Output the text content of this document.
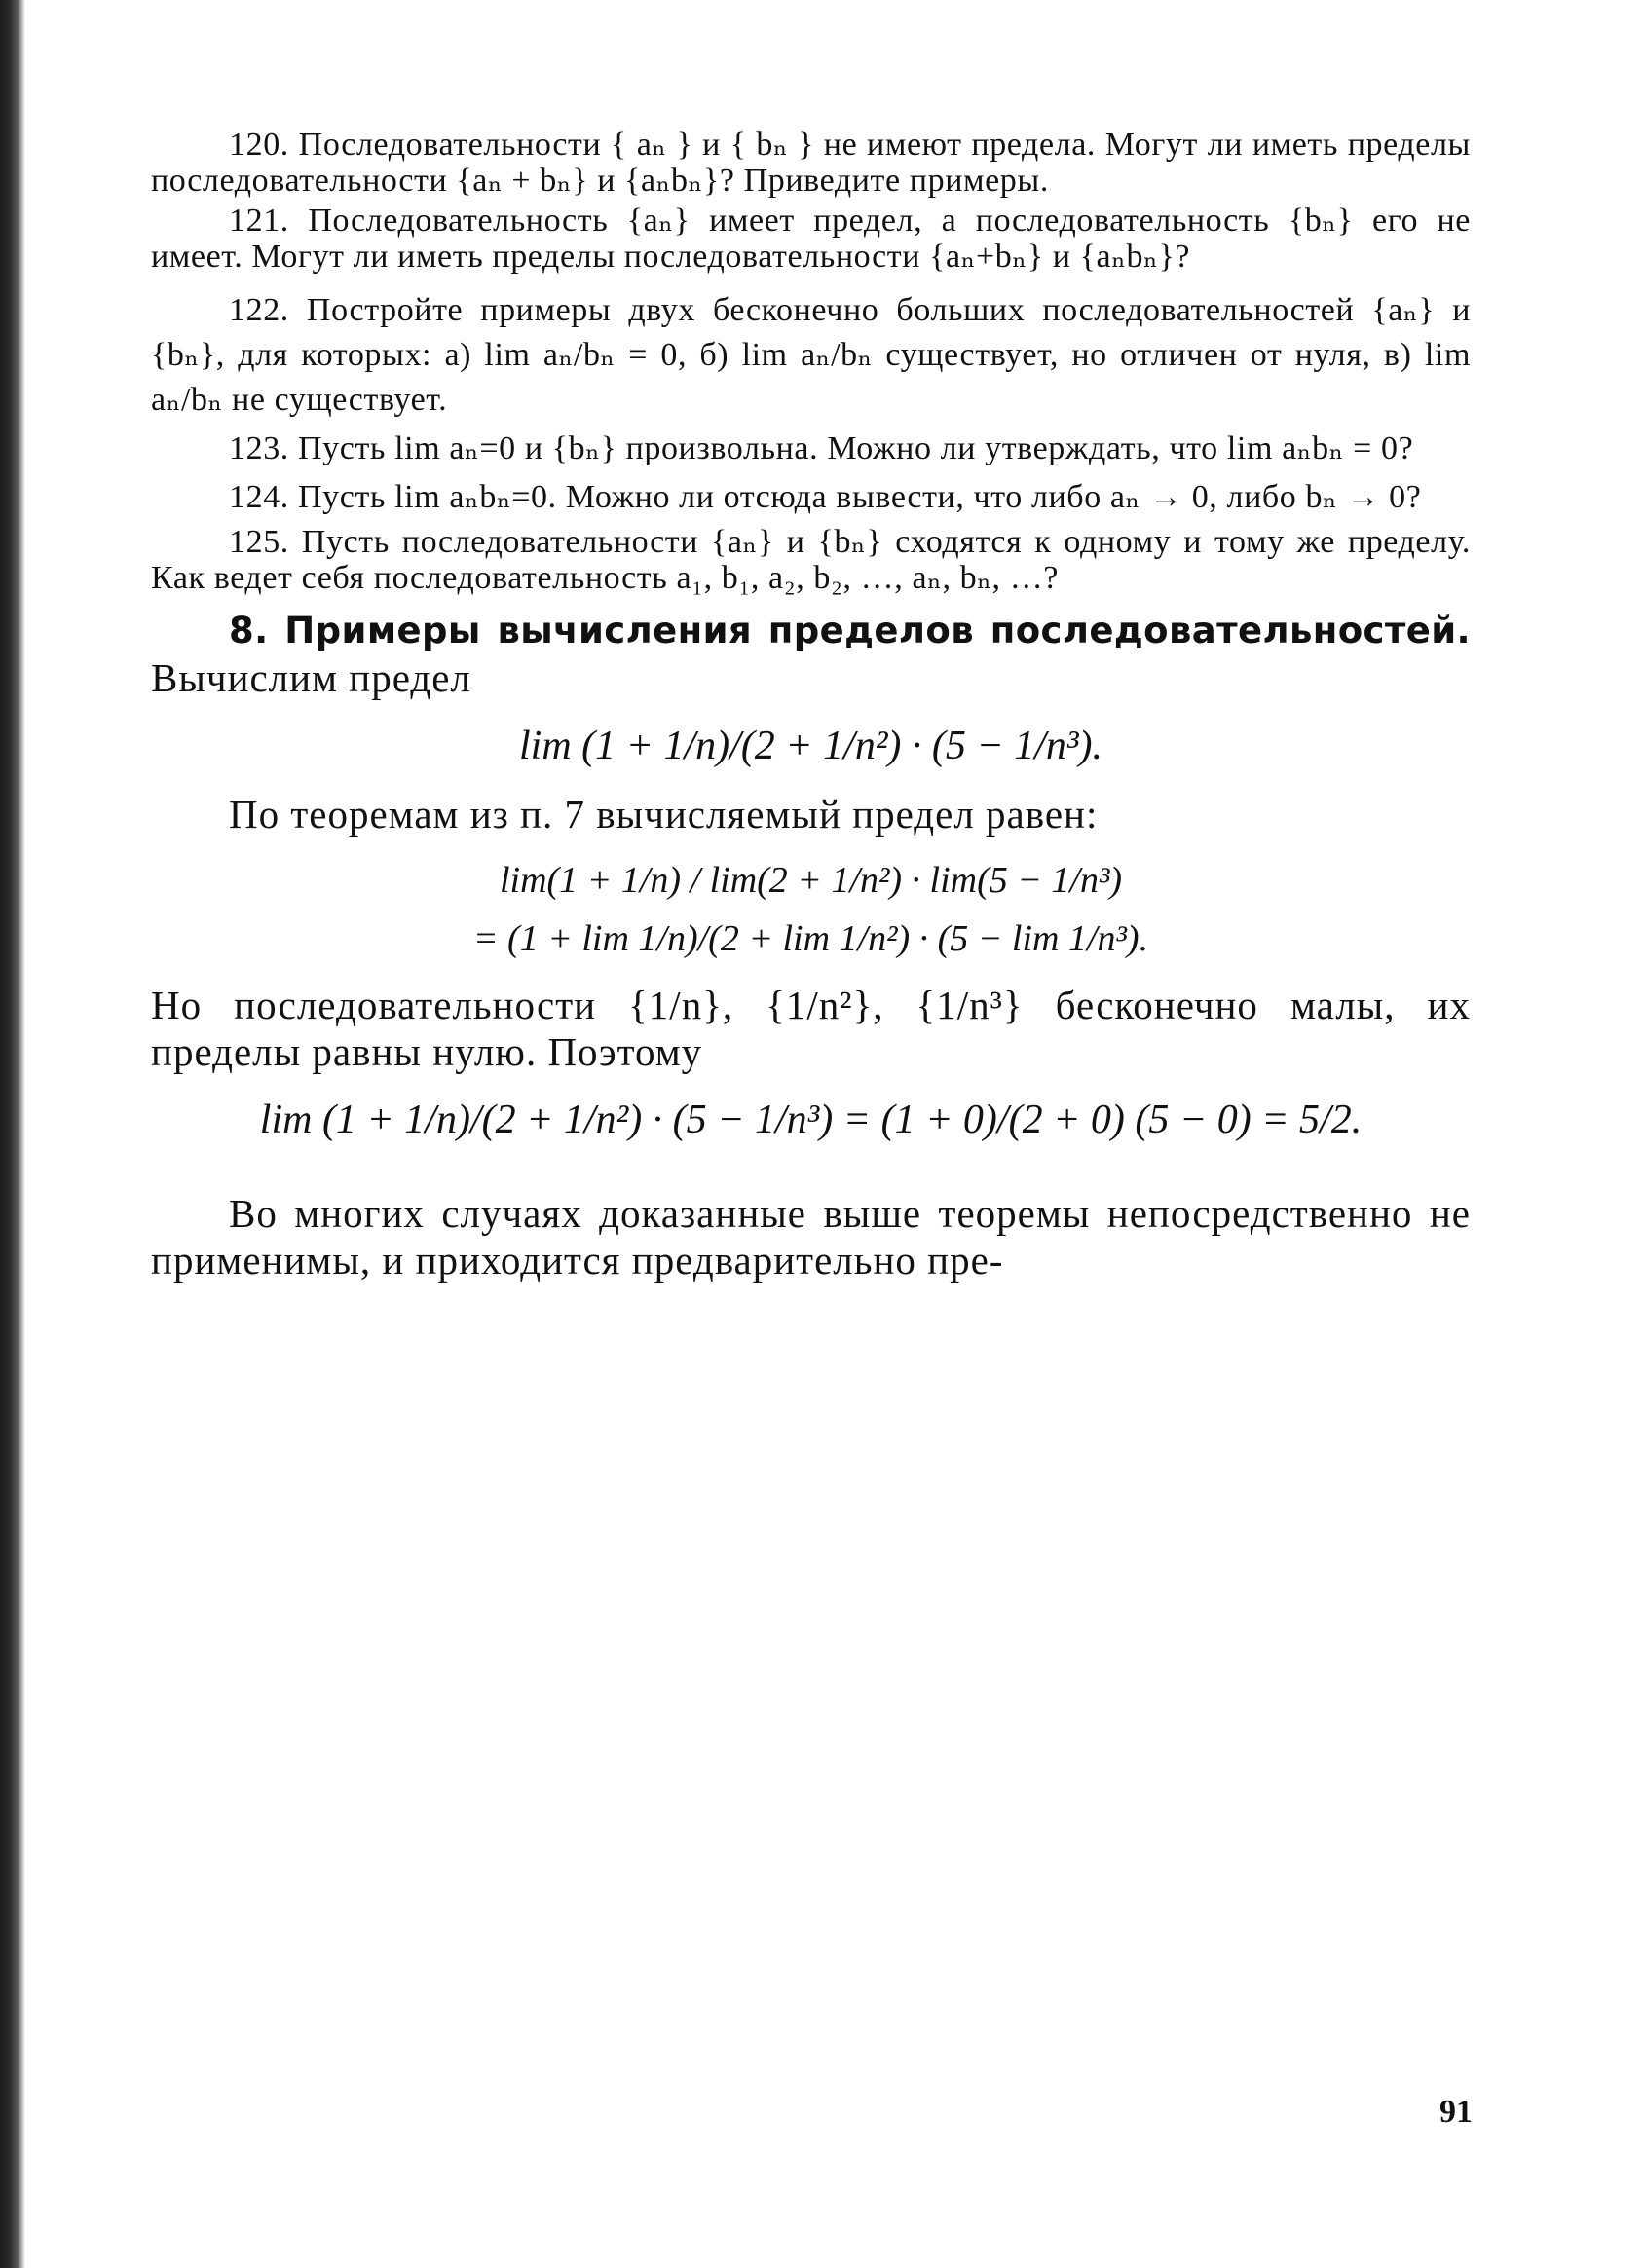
120. Последовательности { aₙ } и { bₙ } не имеют предела. Могут ли иметь пределы последовательности {aₙ + bₙ} и {aₙbₙ}? Приведите примеры.

121. Последовательность {aₙ} имеет предел, а последовательность {bₙ} его не имеет. Могут ли иметь пределы последовательности {aₙ+bₙ} и {aₙbₙ}?

122. Постройте примеры двух бесконечно больших последовательностей {aₙ} и {bₙ}, для которых: а) lim aₙ/bₙ = 0, б) lim aₙ/bₙ существует, но отличен от нуля, в) lim aₙ/bₙ не существует.

123. Пусть lim aₙ=0 и {bₙ} произвольна. Можно ли утверждать, что lim aₙbₙ = 0?

124. Пусть lim aₙbₙ=0. Можно ли отсюда вывести, что либо aₙ → 0, либо bₙ → 0?

125. Пусть последовательности {aₙ} и {bₙ} сходятся к одному и тому же пределу. Как ведет себя последовательность a₁, b₁, a₂, b₂, …, aₙ, bₙ, …?

8. Примеры вычисления пределов последовательностей. Вычислим предел

lim (1 + 1/n)/(2 + 1/n²) · (5 − 1/n³).

По теоремам из п. 7 вычисляемый предел равен:

lim(1 + 1/n) / lim(2 + 1/n²) · lim(5 − 1/n³)
= (1 + lim 1/n)/(2 + lim 1/n²) · (5 − lim 1/n³).

Но последовательности {1/n}, {1/n²}, {1/n³} бесконечно малы, их пределы равны нулю. Поэтому

lim (1 + 1/n)/(2 + 1/n²) · (5 − 1/n³) = (1 + 0)/(2 + 0) (5 − 0) = 5/2.

Во многих случаях доказанные выше теоремы непосредственно не применимы, и приходится предварительно пре-

91
